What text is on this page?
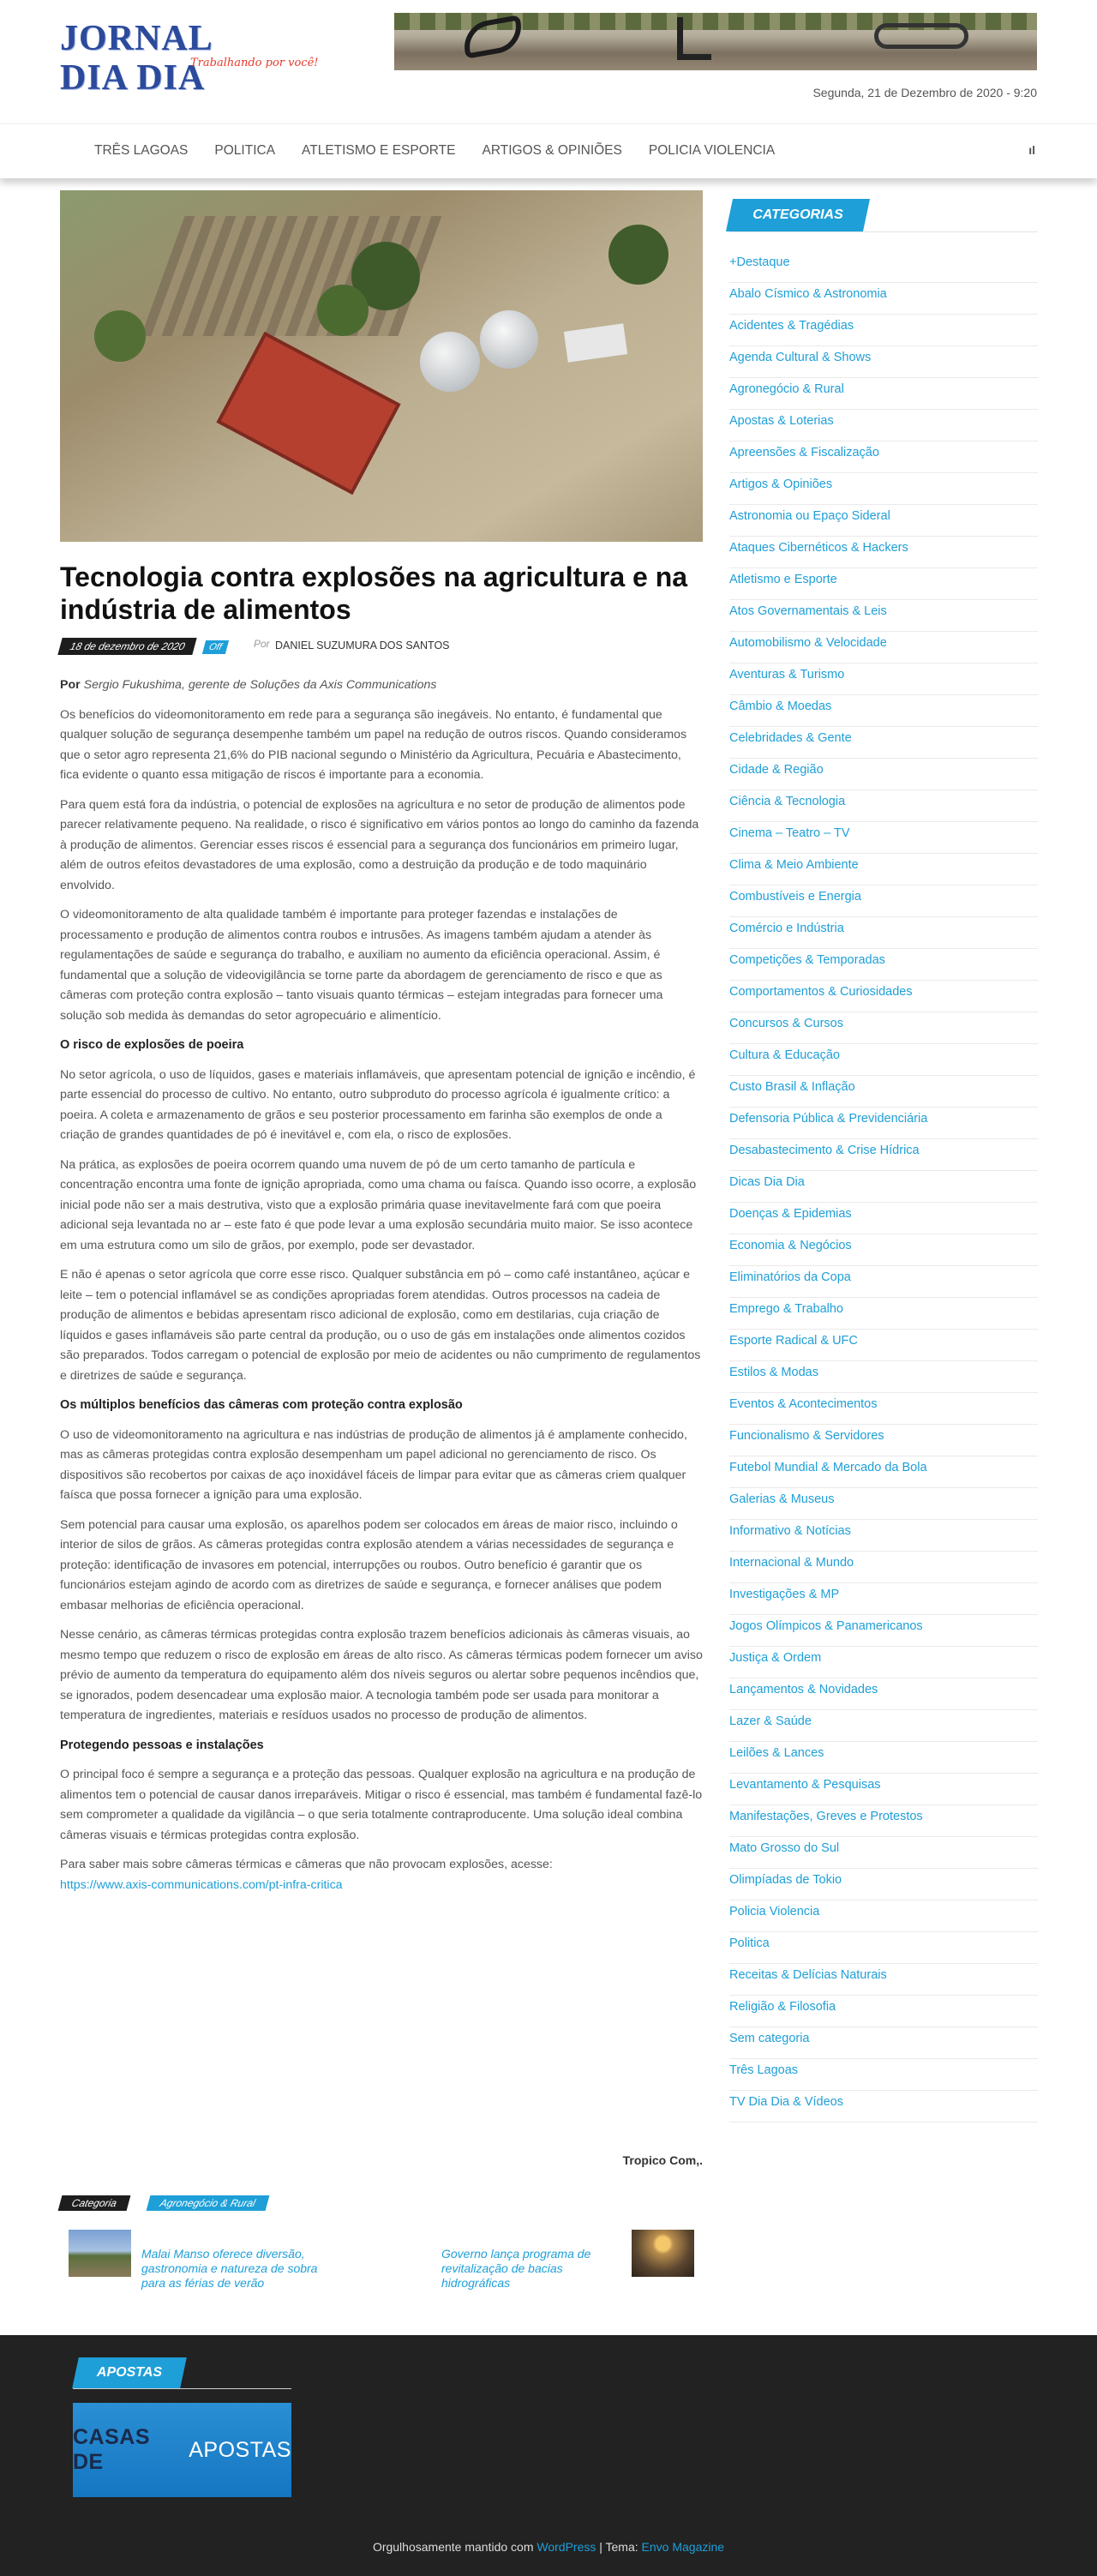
JORNAL DIA DIA
Trabalhando por você!
Segunda, 21 de Dezembro de 2020 - 9:20
TRÊS LAGOAS POLITICA ATLETISMO E ESPORTE ARTIGOS & OPINIÕES POLICIA VIOLENCIA	ıl
Tecnologia contra explosões na agricultura e na indústria de alimentos
18 de dezembro de 2020	Off	Por DANIEL SUZUMURA DOS SANTOS

Por Sergio Fukushima, gerente de Soluções da Axis Communications

Os benefícios do videomonitoramento em rede para a segurança são inegáveis. No entanto, é fundamental que qualquer solução de segurança desempenhe também um papel na redução de outros riscos. Quando consideramos que o setor agro representa 21,6% do PIB nacional segundo o Ministério da Agricultura, Pecuária e Abastecimento, fica evidente o quanto essa mitigação de riscos é importante para a economia.

Para quem está fora da indústria, o potencial de explosões na agricultura e no setor de produção de alimentos pode parecer relativamente pequeno. Na realidade, o risco é significativo em vários pontos ao longo do caminho da fazenda à produção de alimentos. Gerenciar esses riscos é essencial para a segurança dos funcionários em primeiro lugar, além de outros efeitos devastadores de uma explosão, como a destruição da produção e de todo maquinário envolvido.

O videomonitoramento de alta qualidade também é importante para proteger fazendas e instalações de processamento e produção de alimentos contra roubos e intrusões. As imagens também ajudam a atender às regulamentações de saúde e segurança do trabalho, e auxiliam no aumento da eficiência operacional. Assim, é fundamental que a solução de videovigilância se torne parte da abordagem de gerenciamento de risco e que as câmeras com proteção contra explosão – tanto visuais quanto térmicas – estejam integradas para fornecer uma solução sob medida às demandas do setor agropecuário e alimentício.

O risco de explosões de poeira

No setor agrícola, o uso de líquidos, gases e materiais inflamáveis, que apresentam potencial de ignição e incêndio, é parte essencial do processo de cultivo. No entanto, outro subproduto do processo agrícola é igualmente crítico: a poeira. A coleta e armazenamento de grãos e seu posterior processamento em farinha são exemplos de onde a criação de grandes quantidades de pó é inevitável e, com ela, o risco de explosões.

Na prática, as explosões de poeira ocorrem quando uma nuvem de pó de um certo tamanho de partícula e concentração encontra uma fonte de ignição apropriada, como uma chama ou faísca. Quando isso ocorre, a explosão inicial pode não ser a mais destrutiva, visto que a explosão primária quase inevitavelmente fará com que poeira adicional seja levantada no ar – este fato é que pode levar a uma explosão secundária muito maior. Se isso acontece em uma estrutura como um silo de grãos, por exemplo, pode ser devastador.

E não é apenas o setor agrícola que corre esse risco. Qualquer substância em pó – como café instantâneo, açúcar e leite – tem o potencial inflamável se as condições apropriadas forem atendidas. Outros processos na cadeia de produção de alimentos e bebidas apresentam risco adicional de explosão, como em destilarias, cuja criação de líquidos e gases inflamáveis são parte central da produção, ou o uso de gás em instalações onde alimentos cozidos são preparados. Todos carregam o potencial de explosão por meio de acidentes ou não cumprimento de regulamentos e diretrizes de saúde e segurança.

Os múltiplos benefícios das câmeras com proteção contra explosão

O uso de videomonitoramento na agricultura e nas indústrias de produção de alimentos já é amplamente conhecido, mas as câmeras protegidas contra explosão desempenham um papel adicional no gerenciamento de risco. Os dispositivos são recobertos por caixas de aço inoxidável fáceis de limpar para evitar que as câmeras criem qualquer faísca que possa fornecer a ignição para uma explosão.

Sem potencial para causar uma explosão, os aparelhos podem ser colocados em áreas de maior risco, incluindo o interior de silos de grãos. As câmeras protegidas contra explosão atendem a várias necessidades de segurança e proteção: identificação de invasores em potencial, interrupções ou roubos. Outro benefício é garantir que os funcionários estejam agindo de acordo com as diretrizes de saúde e segurança, e fornecer análises que podem embasar melhorias de eficiência operacional.

Nesse cenário, as câmeras térmicas protegidas contra explosão trazem benefícios adicionais às câmeras visuais, ao mesmo tempo que reduzem o risco de explosão em áreas de alto risco. As câmeras térmicas podem fornecer um aviso prévio de aumento da temperatura do equipamento além dos níveis seguros ou alertar sobre pequenos incêndios que, se ignorados, podem desencadear uma explosão maior. A tecnologia também pode ser usada para monitorar a temperatura de ingredientes, materiais e resíduos usados no processo de produção de alimentos.

Protegendo pessoas e instalações

O principal foco é sempre a segurança e a proteção das pessoas. Qualquer explosão na agricultura e na produção de alimentos tem o potencial de causar danos irreparáveis. Mitigar o risco é essencial, mas também é fundamental fazê-lo sem comprometer a qualidade da vigilância – o que seria totalmente contraproducente. Uma solução ideal combina câmeras visuais e térmicas protegidas contra explosão.

Para saber mais sobre câmeras térmicas e câmeras que não provocam explosões, acesse:

https://www.axis-communications.com/pt-infra-critica
Tropico Com,.
Categoria	Agronegócio & Rural
Malai Manso oferece diversão, gastronomia e natureza de sobra para as férias de verão
Governo lança programa de revitalização de bacias hidrográficas
CATEGORIAS
+Destaque
Abalo Císmico & Astronomia
Acidentes & Tragédias
Agenda Cultural & Shows
Agronegócio & Rural
Apostas & Loterias
Apreensões & Fiscalização
Artigos & Opiniões
Astronomia ou Epaço Sideral
Ataques Cibernéticos & Hackers
Atletismo e Esporte
Atos Governamentais & Leis
Automobilismo & Velocidade
Aventuras & Turismo
Câmbio & Moedas
Celebridades & Gente
Cidade & Região
Ciência & Tecnologia
Cinema – Teatro – TV
Clima & Meio Ambiente
Combustíveis e Energia
Comércio e Indústria
Competições & Temporadas
Comportamentos & Curiosidades
Concursos & Cursos
Cultura & Educação
Custo Brasil & Inflação
Defensoria Pública & Previdenciária
Desabastecimento & Crise Hídrica
Dicas Dia Dia
Doenças & Epidemias
Economia & Negócios
Eliminatórios da Copa
Emprego & Trabalho
Esporte Radical & UFC
Estilos & Modas
Eventos & Acontecimentos
Funcionalismo & Servidores
Futebol Mundial & Mercado da Bola
Galerias & Museus
Informativo & Notícias
Internacional & Mundo
Investigações & MP
Jogos Olímpicos & Panamericanos
Justiça & Ordem
Lançamentos & Novidades
Lazer & Saúde
Leilões & Lances
Levantamento & Pesquisas
Manifestações, Greves e Protestos
Mato Grosso do Sul
Olimpíadas de Tokio
Policia Violencia
Politica
Receitas & Delícias Naturais
Religião & Filosofia
Sem categoria
Três Lagoas
TV Dia Dia & Vídeos
APOSTAS
CASAS DE
APOSTAS
Orgulhosamente mantido com WordPress | Tema: Envo Magazine
